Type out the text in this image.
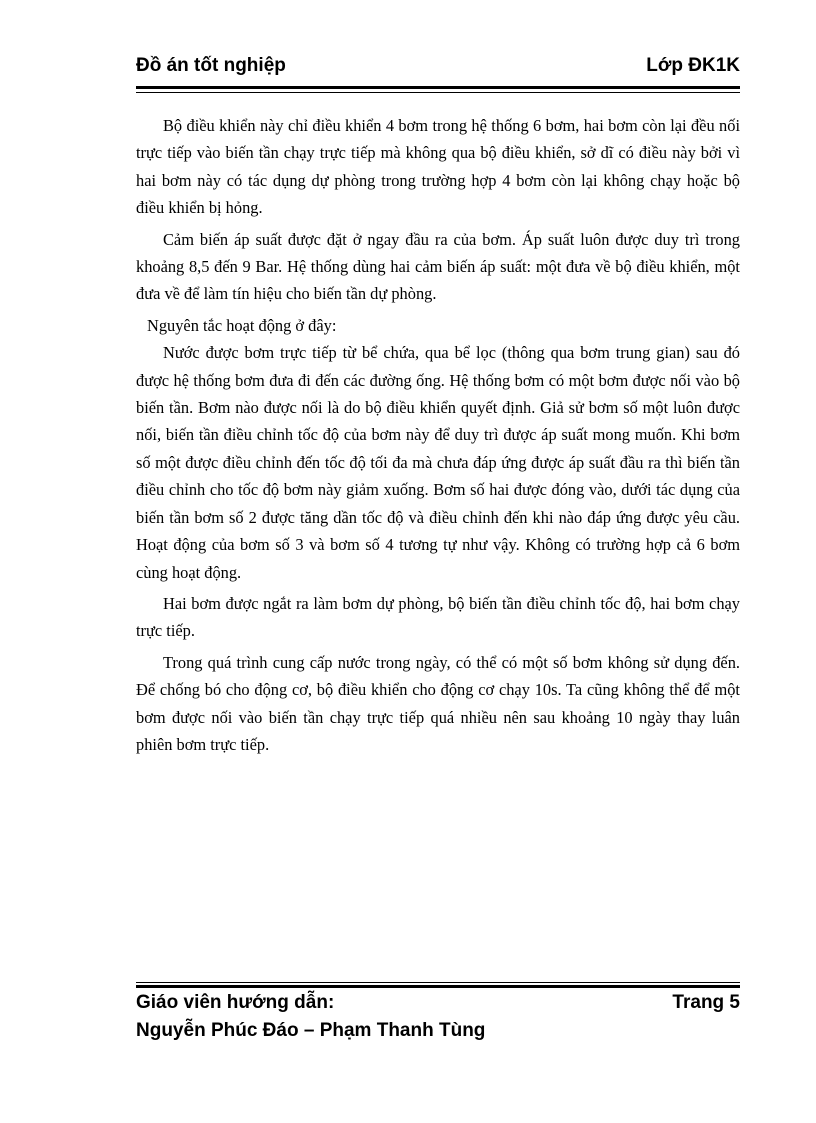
Đồ án tốt nghiệp	Lớp ĐK1K

Bộ điều khiển này chỉ điều khiển 4 bơm trong hệ thống 6 bơm, hai bơm còn lại đều nối trực tiếp vào biến tần chạy trực tiếp mà không qua bộ điều khiển, sở dĩ có điều này bởi vì hai bơm này có tác dụng dự phòng trong trường hợp 4 bơm còn lại không chạy hoặc bộ điều khiển bị hỏng.

Cảm biến áp suất được đặt ở ngay đầu ra của bơm. Áp suất luôn được duy trì trong khoảng 8,5 đến 9 Bar. Hệ thống dùng hai cảm biến áp suất: một đưa về bộ điều khiển, một đưa về để làm tín hiệu cho biến tần dự phòng.

Nguyên tắc hoạt động ở đây:

Nước được bơm trực tiếp từ bể chứa, qua bể lọc (thông qua bơm trung gian) sau đó được hệ thống bơm đưa đi đến các đường ống. Hệ thống bơm có một bơm được nối vào bộ biến tần. Bơm nào được nối là do bộ điều khiển quyết định. Giả sử bơm số một luôn được nối, biến tần điều chỉnh tốc độ của bơm này để duy trì được áp suất mong muốn. Khi bơm số một được điều chỉnh đến tốc độ tối đa mà chưa đáp ứng được áp suất đầu ra thì biến tần điều chỉnh cho tốc độ bơm này giảm xuống. Bơm số hai được đóng vào, dưới tác dụng của biến tần bơm số 2 được tăng dần tốc độ và điều chỉnh đến khi nào đáp ứng được yêu cầu. Hoạt động của bơm số 3 và bơm số 4 tương tự như vậy. Không có trường hợp cả 6 bơm cùng hoạt động.

Hai bơm được ngắt ra làm bơm dự phòng, bộ biến tần điều chỉnh tốc độ, hai bơm chạy trực tiếp.

Trong quá trình cung cấp nước trong ngày, có thể có một số bơm không sử dụng đến. Để chống bó cho động cơ, bộ điều khiển cho động cơ chạy 10s. Ta cũng không thể để một bơm được nối vào biến tần chạy trực tiếp quá nhiều nên sau khoảng 10 ngày thay luân phiên bơm trực tiếp.

Giáo viên hướng dẫn:	Trang 5
Nguyễn Phúc Đáo – Phạm Thanh Tùng
